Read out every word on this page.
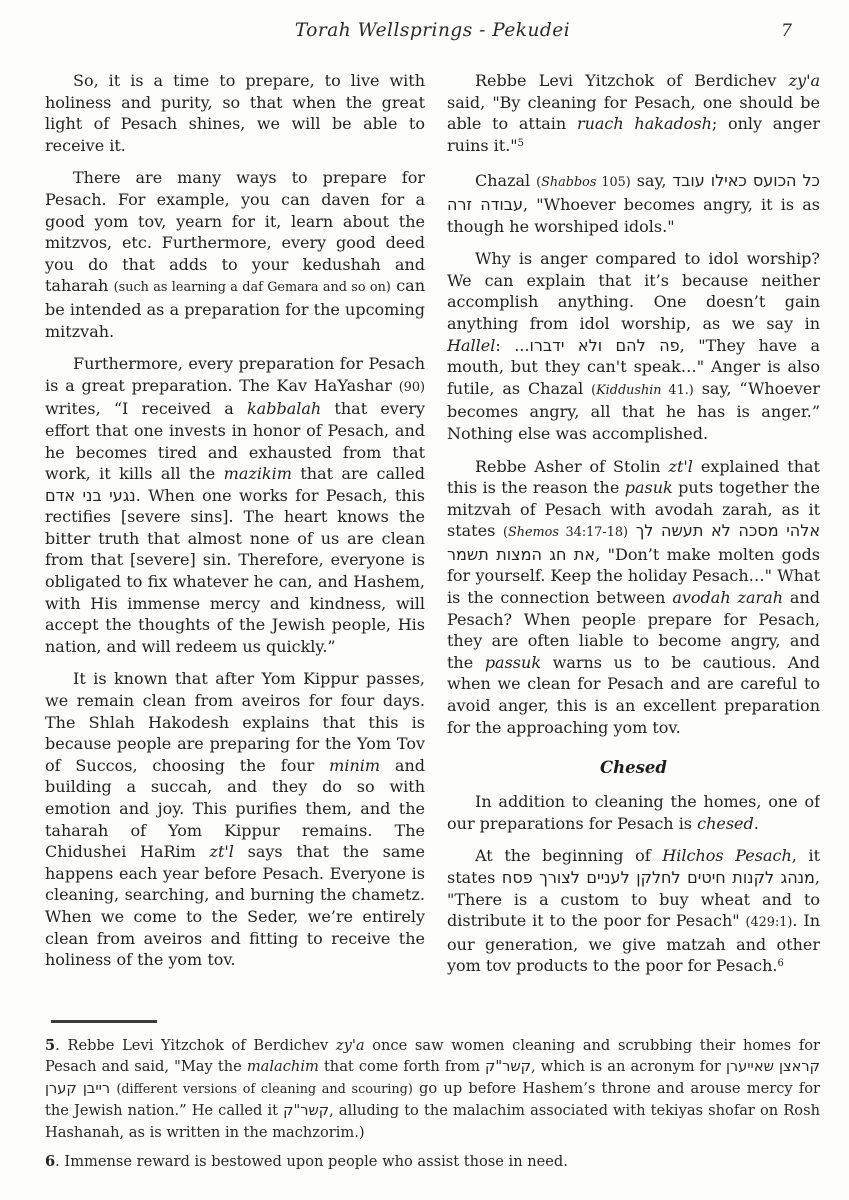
Torah Wellsprings - Pekudei	7

So, it is a time to prepare, to live with holiness and purity, so that when the great light of Pesach shines, we will be able to receive it.

There are many ways to prepare for Pesach. For example, you can daven for a good yom tov, yearn for it, learn about the mitzvos, etc. Furthermore, every good deed you do that adds to your kedushah and taharah (such as learning a daf Gemara and so on) can be intended as a preparation for the upcoming mitzvah.

Furthermore, every preparation for Pesach is a great preparation. The Kav HaYashar (90) writes, “I received a kabbalah that every effort that one invests in honor of Pesach, and he becomes tired and exhausted from that work, it kills all the mazikim that are called נגעי בני אדם. When one works for Pesach, this rectifies [severe sins]. The heart knows the bitter truth that almost none of us are clean from that [severe] sin. Therefore, everyone is obligated to fix whatever he can, and Hashem, with His immense mercy and kindness, will accept the thoughts of the Jewish people, His nation, and will redeem us quickly.”

It is known that after Yom Kippur passes, we remain clean from aveiros for four days. The Shlah Hakodesh explains that this is because people are preparing for the Yom Tov of Succos, choosing the four minim and building a succah, and they do so with emotion and joy. This purifies them, and the taharah of Yom Kippur remains. The Chidushei HaRim zt'l says that the same happens each year before Pesach. Everyone is cleaning, searching, and burning the chametz. When we come to the Seder, we’re entirely clean from aveiros and fitting to receive the holiness of the yom tov.

Rebbe Levi Yitzchok of Berdichev zy'a said, "By cleaning for Pesach, one should be able to attain ruach hakadosh; only anger ruins it."$^5$

Chazal (Shabbos 105) say, כל הכועס כאילו עובד עבודה זרה, "Whoever becomes angry, it is as though he worshiped idols."

Why is anger compared to idol worship? We can explain that it’s because neither accomplish anything. One doesn’t gain anything from idol worship, as we say in Hallel: פה להם ולא ידברו..., "They have a mouth, but they can't speak…" Anger is also futile, as Chazal (Kiddushin 41.) say, “Whoever becomes angry, all that he has is anger.” Nothing else was accomplished.

Rebbe Asher of Stolin zt'l explained that this is the reason the pasuk puts together the mitzvah of Pesach with avodah zarah, as it states (Shemos 34:17-18) אלהי מסכה לא תעשה לך את חג המצות תשמר, "Don’t make molten gods for yourself. Keep the holiday Pesach…" What is the connection between avodah zarah and Pesach? When people prepare for Pesach, they are often liable to become angry, and the passuk warns us to be cautious. And when we clean for Pesach and are careful to avoid anger, this is an excellent preparation for the approaching yom tov.

Chesed

In addition to cleaning the homes, one of our preparations for Pesach is chesed.

At the beginning of Hilchos Pesach, it states מנהג לקנות חיטים לחלקן לעניים לצורך פסח, "There is a custom to buy wheat and to distribute it to the poor for Pesach" (429:1). In our generation, we give matzah and other yom tov products to the poor for Pesach.$^6$

5. Rebbe Levi Yitzchok of Berdichev zy'a once saw women cleaning and scrubbing their homes for Pesach and said, "May the malachim that come forth from קשר"ק, which is an acronym for קראצן שאייערן רייבן קערן (different versions of cleaning and scouring) go up before Hashem’s throne and arouse mercy for the Jewish nation.” He called it קשר"ק, alluding to the malachim associated with tekiyas shofar on Rosh Hashanah, as is written in the machzorim.)

6. Immense reward is bestowed upon people who assist those in need.
